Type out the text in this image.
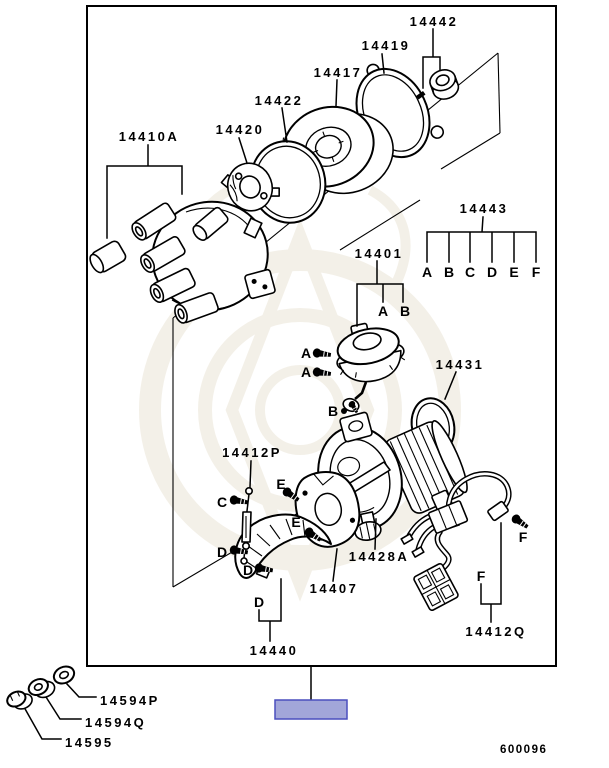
14442
14419
14417
14422
14420
14410A
14443
14401
14431
14412P
14428A
14407
14440
14412Q
14594P
14594Q
14595
A B C D E F
A B
A
A
B
C
E
E
D
D
D
F
F
600096
